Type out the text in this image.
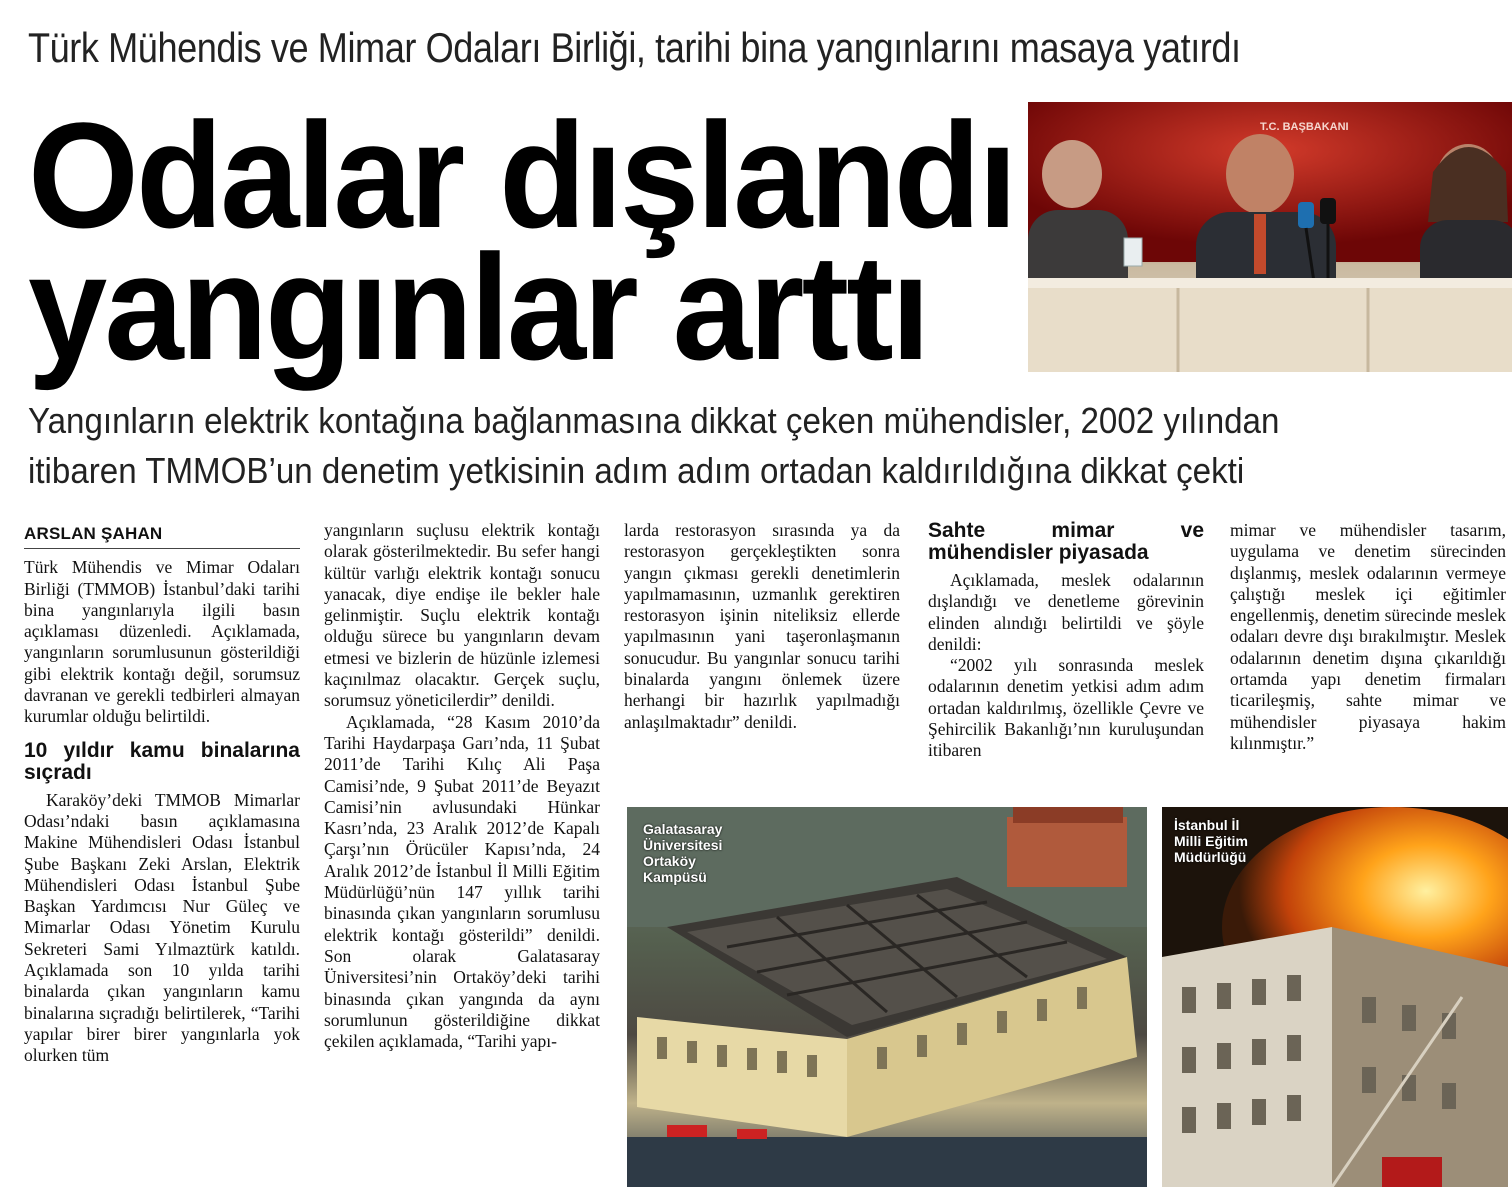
Türk Mühendis ve Mimar Odaları Birliği, tarihi bina yangınlarını masaya yatırdı
Odalar dışlandı
yangınlar arttı
T.C. BAŞBAKANI
Yangınların elektrik kontağına bağlanmasına dikkat çeken mühendisler, 2002 yılından
itibaren TMMOB’un denetim yetkisinin adım adım ortadan kaldırıldığına dikkat çekti
ARSLAN ŞAHAN

Türk Mühendis ve Mimar Odaları Birliği (TMMOB) İstanbul’daki tarihi bina yangınlarıyla ilgili basın açıklaması düzenledi. Açıklamada, yangınların sorumlusunun gösterildiği gibi elektrik kontağı değil, sorumsuz davranan ve gerekli tedbirleri almayan kurumlar olduğu belirtildi.

10 yıldır kamu binalarına sıçradı

Karaköy’deki TMMOB Mimarlar Odası’ndaki basın açıklamasına Makine Mühendisleri Odası İstanbul Şube Başkanı Zeki Arslan, Elektrik Mühendisleri Odası İstanbul Şube Başkan Yardımcısı Nur Güleç ve Mimarlar Odası Yönetim Kurulu Sekreteri Sami Yılmaztürk katıldı. Açıklamada son 10 yılda tarihi binalarda çıkan yangınların kamu binalarına sıçradığı belirtilerek, “Tarihi yapılar birer birer yangınlarla yok olurken tüm

yangınların suçlusu elektrik kontağı olarak gösterilmektedir. Bu sefer hangi kültür varlığı elektrik kontağı sonucu yanacak, diye endişe ile bekler hale gelinmiştir. Suçlu elektrik kontağı olduğu sürece bu yangınların devam etmesi ve bizlerin de hüzünle izlemesi kaçınılmaz olacaktır. Gerçek suçlu, sorumsuz yöneticilerdir” denildi.

Açıklamada, “28 Kasım 2010’da Tarihi Haydarpaşa Garı’nda, 11 Şubat 2011’de Tarihi Kılıç Ali Paşa Camisi’nde, 9 Şubat 2011’de Beyazıt Camisi’nin avlusundaki Hünkar Kasrı’nda, 23 Aralık 2012’de Kapalı Çarşı’nın Örücüler Kapısı’nda, 24 Aralık 2012’de İstanbul İl Milli Eğitim Müdürlüğü’nün 147 yıllık tarihi binasında çıkan yangınların sorumlusu elektrik kontağı gösterildi” denildi. Son olarak Galatasaray Üniversitesi’nin Ortaköy’deki tarihi binasında çıkan yangında da aynı sorumlunun gösterildiğine dikkat çekilen açıklamada, “Tarihi yapı-

larda restorasyon sırasında ya da restorasyon gerçekleştikten sonra yangın çıkması gerekli denetimlerin yapılmamasının, uzmanlık gerektiren restorasyon işinin niteliksiz ellerde yapılmasının yani taşeronlaşmanın sonucudur. Bu yangınlar sonucu tarihi binalarda yangını önlemek üzere herhangi bir hazırlık yapılmadığı anlaşılmaktadır” denildi.

Sahte mimar ve mühendisler piyasada

Açıklamada, meslek odalarının dışlandığı ve denetleme görevinin elinden alındığı belirtildi ve şöyle denildi:

“2002 yılı sonrasında meslek odalarının denetim yetkisi adım adım ortadan kaldırılmış, özellikle Çevre ve Şehircilik Bakanlığı’nın kuruluşundan itibaren

mimar ve mühendisler tasarım, uygulama ve denetim sürecinden dışlanmış, meslek odalarının vermeye çalıştığı meslek içi eğitimler engellenmiş, denetim sürecinde meslek odaları devre dışı bırakılmıştır. Meslek odalarının denetim dışına çıkarıldığı ortamda yapı denetim firmaları ticarileşmiş, sahte mimar ve mühendisler piyasaya hakim kılınmıştır.”

Galatasaray
Üniversitesi
Ortaköy
Kampüsü
İstanbul İl
Milli Eğitim
Müdürlüğü
